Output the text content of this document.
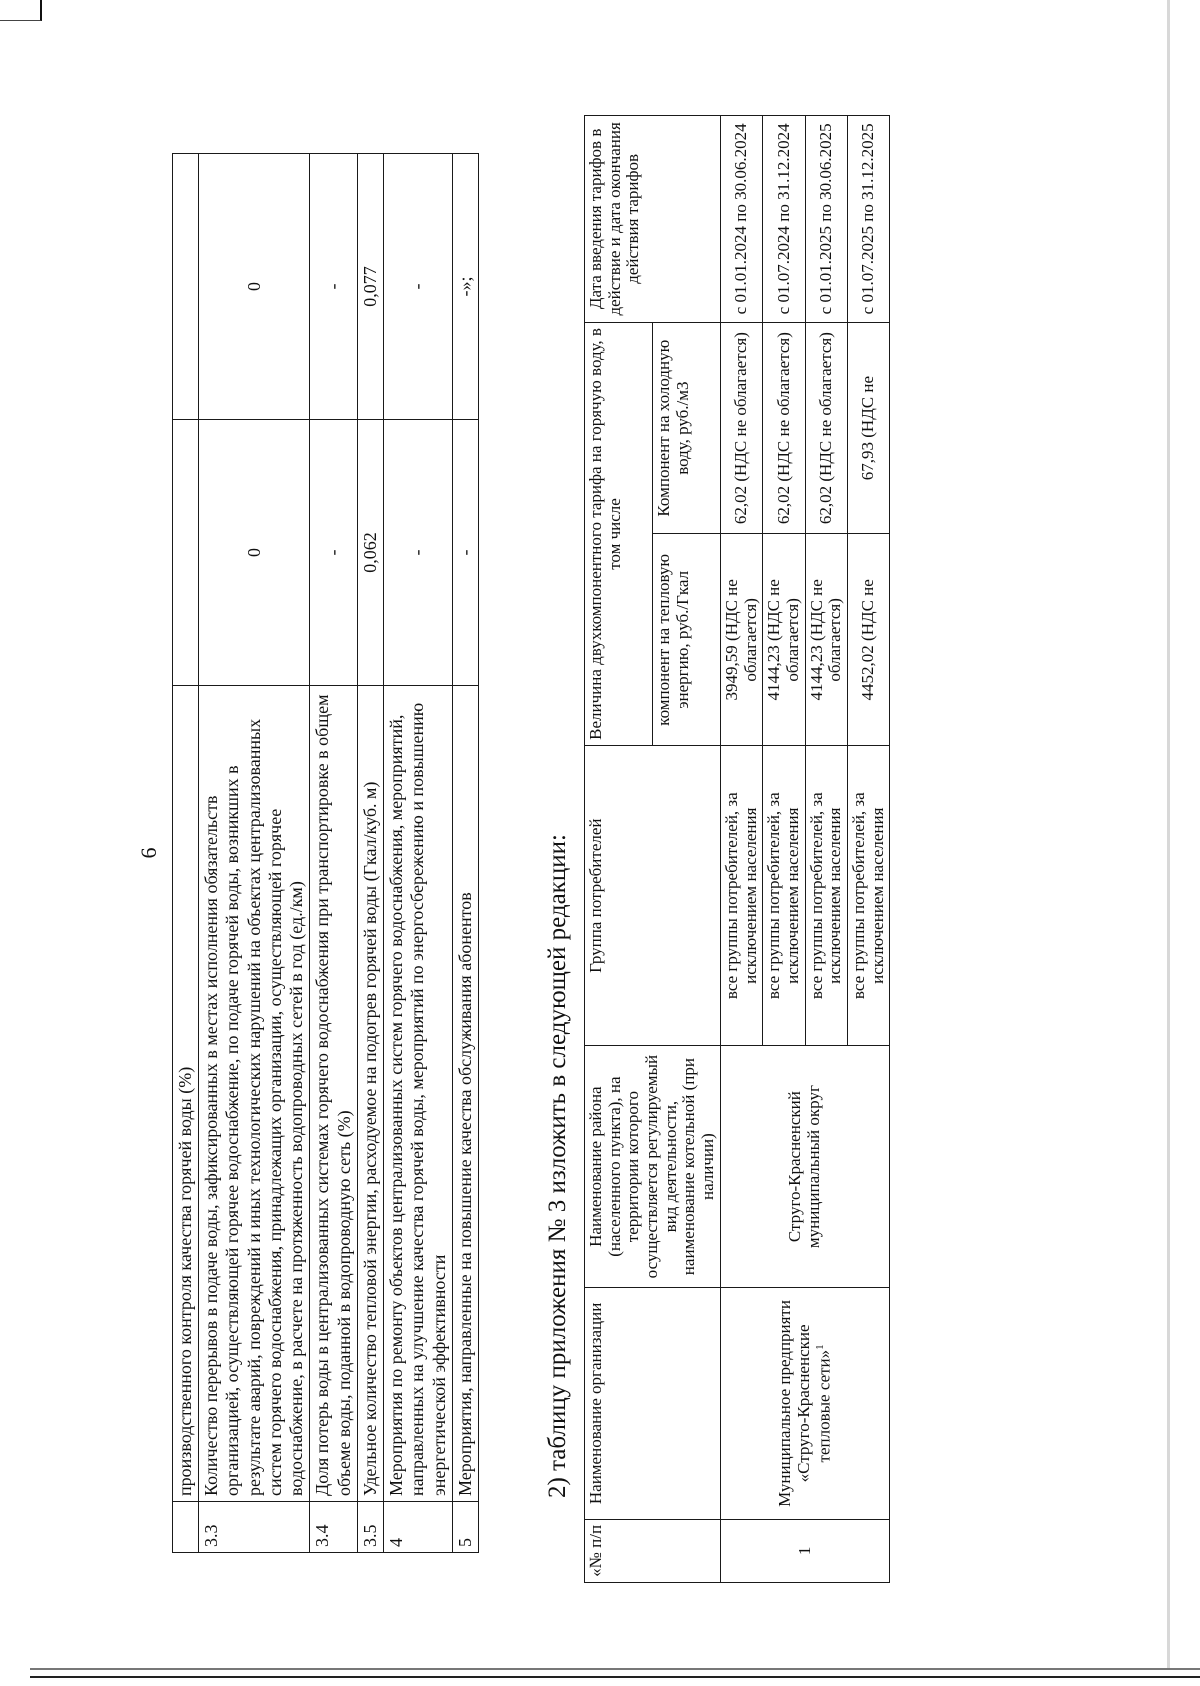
6
	производственного контроля качества горячей воды (%)		
3.3	Количество перерывов в подаче воды, зафиксированных в местах исполнения обязательств организацией, осуществляющей горячее водоснабжение, по подаче горячей воды, возникших в результате аварий, повреждений и иных технологических нарушений на объектах централизованных систем горячего водоснабжения, принадлежащих организации, осуществляющей горячее водоснабжение, в расчете на протяженность водопроводных сетей в год (ед./км)	0	0
3.4	Доля потерь воды в централизованных системах горячего водоснабжения при транспортировке в общем объеме воды, поданной в водопроводную сеть (%)	-	-
3.5	Удельное количество тепловой энергии, расходуемое на подогрев горячей воды (Гкал/куб. м)	0,062	0,077
4	Мероприятия по ремонту объектов централизованных систем горячего водоснабжения, мероприятий, направленных на улучшение качества горячей воды, мероприятий по энергосбережению и повышению энергетической эффективности	-	-
5	Мероприятия, направленные на повышение качества обслуживания абонентов	-	-»;
2) таблицу приложения № 3 изложить в следующей редакции:
«№ п/п	Наименование организации	Наименование района (населенного пункта), на территории которого осуществляется регулируемый вид деятельности, наименование котельной (при наличии)	Группа потребителей	Величина двухкомпонентного тарифа на горячую воду, в том числе		Дата введения тарифов в действие и дата окончания действия тарифов
				компонент на тепловую энергию, руб./Гкал	Компонент на холодную воду, руб./м3	
1	Муниципальное предприяти «Струго-Красненские тепловые сети»$^1$	Струго-Красненский муниципальный округ	все группы потребителей, за исключением населения	3949,59 (НДС не облагается)	62,02 (НДС не облагается)	с 01.01.2024 по 30.06.2024
			все группы потребителей, за исключением населения	4144,23 (НДС не облагается)	62,02 (НДС не облагается)	с 01.07.2024 по 31.12.2024
			все группы потребителей, за исключением населения	4144,23 (НДС не облагается)	62,02 (НДС не облагается)	с 01.01.2025 по 30.06.2025
			все группы потребителей, за исключением населения	4452,02 (НДС не	67,93 (НДС не	с 01.07.2025 по 31.12.2025
